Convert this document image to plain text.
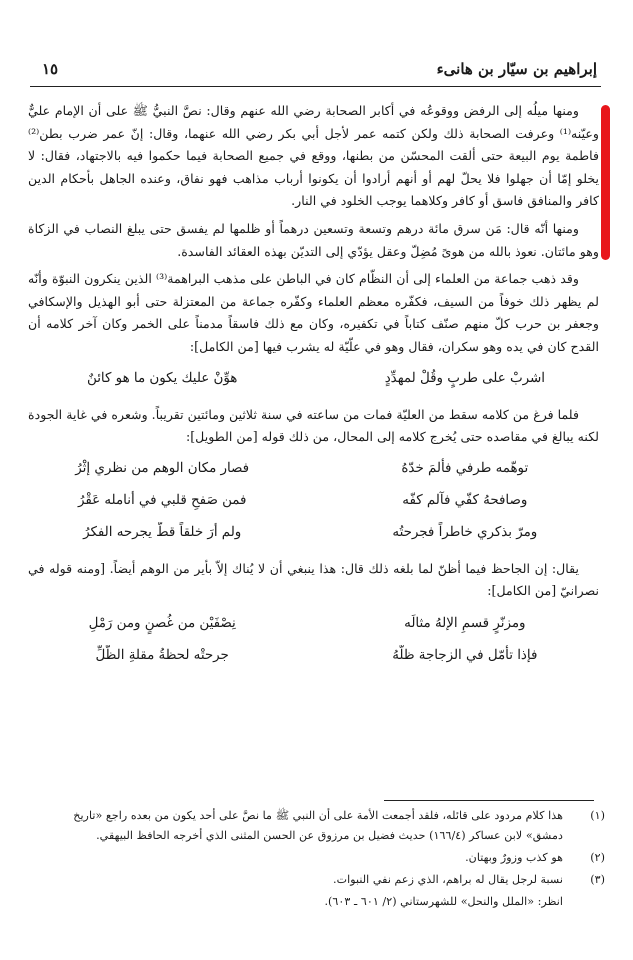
إبراهيم بن سيّار بن هانىء
١٥

ومنها ميلُه إلى الرفض ووقوعُه في أكابر الصحابة رضي الله عنهم وقال: نصَّ النبيُّ ﷺ على أن الإمام عليٌّ وعيّنه⁽¹⁾ وعرفت الصحابة ذلك ولكن كتمه عمر لأجل أبي بكر رضي الله عنهما، وقال: إنّ عمر ضرب بطن⁽²⁾ فاطمة يوم البيعة حتى ألقت المحسّن من بطنها، ووقع في جميع الصحابة فيما حكموا فيه بالاجتهاد، فقال: لا يخلو إمّا أن جهلوا فلا يحلّ لهم أو أنهم أرادوا أن يكونوا أرباب مذاهب فهو نفاق، وعنده الجاهل بأحكام الدين كافر والمنافق فاسق أو كافر وكلاهما يوجب الخلود في النار.

ومنها أنّه قال: مَن سرق مائة درهم وتسعة وتسعين درهماً أو ظلمها لم يفسق حتى يبلغ النصاب في الزكاة وهو مائتان. نعوذ بالله من هوىً مُضِلّ وعقل يؤدّي إلى التديّن بهذه العقائد الفاسدة.

وقد ذهب جماعة من العلماء إلى أن النظّام كان في الباطن على مذهب البراهمة⁽³⁾ الذين ينكرون النبوّة وأنّه لم يظهر ذلك خوفاً من السيف، فكفّره معظم العلماء وكفّره جماعة من المعتزلة حتى أبو الهذيل والإسكافي وجعفر بن حرب كلّ منهم صنّف كتاباً في تكفيره، وكان مع ذلك فاسقاً مدمناً على الخمر وكان آخر كلامه أن القدح كان في يده وهو سكران، فقال وهو في علّيّة له يشرب فيها [من الكامل]:

اشربْ على طربٍ وقُلْ لمهدِّدٍ
هوِّنْ عليك يكون ما هو كائنٌ

فلما فرغ من كلامه سقط من العليّة فمات من ساعته في سنة ثلاثين ومائتين تقريباً. وشعره في غاية الجودة لكنه يبالغ في مقاصده حتى يُخرج كلامه إلى المحال، من ذلك قوله [من الطويل]:

توهّمه طرفي فألمَ خدّهُ
فصار مكان الوهم من نظري إثْرُ
وصافحهُ كفّي فآلم كفّه
فمن صَفحِ قلبي في أنامله عَقْرُ
ومرّ بذكري خاطراً فجرحتُه
ولم أرَ خلقاً قطّ يجرحه الفكرُ

يقال: إن الجاحظ فيما أظنّ لما بلغه ذلك قال: هذا ينبغي أن لا يُناك إلاّ بأير من الوهم أيضاً. [ومنه قوله في نصرانيّ [من الكامل]:

ومزنّرٍ قسمِ الإلهُ مثالَه
نِصْفَيْن من غُصنٍ ومن رَمْلِ
فإذا تأمّل في الزجاجة ظلَّهُ
جرحتْه لحظةُ مقلةِ الظّلِّ
(١)
هذا كلام مردود على قائله، فلقد أجمعت الأمة على أن النبي ﷺ ما نصَّ على أحد يكون من بعده راجع «تاريخ دمشق» لابن عساكر (١٦٦/٤) حديث فضيل بن مرزوق عن الحسن المثنى الذي أخرجه الحافظ البيهقي.
(٢)
هو كذب وزورٌ وبهتان.
(٣)
نسبة لرجل يقال له براهم، الذي زعم نفي النبوات.
انظر: «الملل والنحل» للشهرستاني (٢/ ٦٠١ ـ ٦٠٣).
